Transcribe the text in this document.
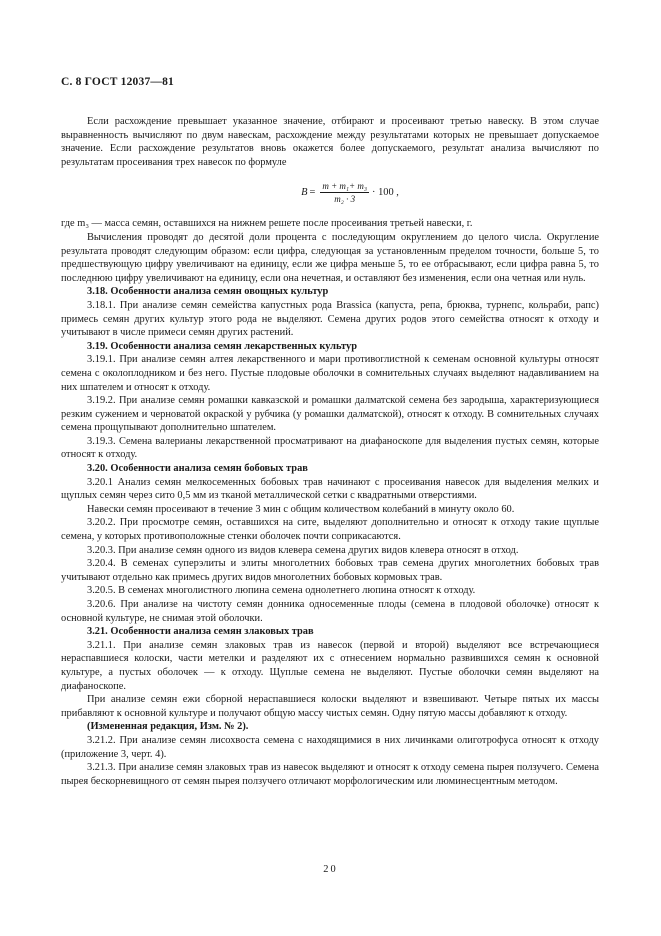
С. 8 ГОСТ 12037—81

Если расхождение превышает указанное значение, отбирают и просеивают третью навеску. В этом случае выравненность вычисляют по двум навескам, расхождение между результатами которых не превышает допускаемое значение. Если расхождение результатов вновь окажется более допускаемого, результат анализа вычисляют по результатам просеивания трех навесок по формуле

$B = \frac{\text{m + m₁+ m₃}}{\text{m₂ · 3}} \cdot 100$ ,

где m₃ — масса семян, оставшихся на нижнем решете после просеивания третьей навески, г.

Вычисления проводят до десятой доли процента с последующим округлением до целого числа. Округление результата проводят следующим образом: если цифра, следующая за установленным пределом точности, больше 5, то предшествующую цифру увеличивают на единицу, если же цифра меньше 5, то ее отбрасывают, если цифра равна 5, то последнюю цифру увеличивают на единицу, если она нечетная, и оставляют без изменения, если она четная или нуль.

3.18. Особенности анализа семян овощных культур

3.18.1. При анализе семян семейства капустных рода Brassica (капуста, репа, брюква, турнепс, кольраби, рапс) примесь семян других культур этого рода не выделяют. Семена других родов этого семейства относят к отходу и учитывают в числе примеси семян других растений.

3.19. Особенности анализа семян лекарственных культур

3.19.1. При анализе семян алтея лекарственного и мари противоглистной к семенам основной культуры относят семена с околоплодником и без него. Пустые плодовые оболочки в сомнительных случаях выделяют надавливанием на них шпателем и относят к отходу.

3.19.2. При анализе семян ромашки кавказской и ромашки далматской семена без зародыша, характеризующиеся резким сужением и черноватой окраской у рубчика (у ромашки далматской), относят к отходу. В сомнительных случаях семена прощупывают дополнительно шпателем.

3.19.3. Семена валерианы лекарственной просматривают на диафаноскопе для выделения пустых семян, которые относят к отходу.

3.20. Особенности анализа семян бобовых трав

3.20.1 Анализ семян мелкосеменных бобовых трав начинают с просеивания навесок для выделения мелких и щуплых семян через сито 0,5 мм из тканой металлической сетки с квадратными отверстиями.

Навески семян просеивают в течение 3 мин с общим количеством колебаний в минуту около 60.

3.20.2. При просмотре семян, оставшихся на сите, выделяют дополнительно и относят к отходу такие щуплые семена, у которых противоположные стенки оболочек почти соприкасаются.

3.20.3. При анализе семян одного из видов клевера семена других видов клевера относят в отход.

3.20.4. В семенах суперэлиты и элиты многолетних бобовых трав семена других многолетних бобовых трав учитывают отдельно как примесь других видов многолетних бобовых кормовых трав.

3.20.5. В семенах многолистного люпина семена однолетнего люпина относят к отходу.

3.20.6. При анализе на чистоту семян донника односеменные плоды (семена в плодовой оболочке) относят к основной культуре, не снимая этой оболочки.

3.21. Особенности анализа семян злаковых трав

3.21.1. При анализе семян злаковых трав из навесок (первой и второй) выделяют все встречающиеся нераспавшиеся колоски, части метелки и разделяют их с отнесением нормально развившихся семян к основной культуре, а пустых оболочек — к отходу. Щуплые семена не выделяют. Пустые оболочки семян выделяют на диафаноскопе.

При анализе семян ежи сборной нераспавшиеся колоски выделяют и взвешивают. Четыре пятых их массы прибавляют к основной культуре и получают общую массу чистых семян. Одну пятую массы добавляют к отходу.

(Измененная редакция, Изм. № 2).

3.21.2. При анализе семян лисохвоста семена с находящимися в них личинками олиготрофуса относят к отходу (приложение 3, черт. 4).

3.21.3. При анализе семян злаковых трав из навесок выделяют и относят к отходу семена пырея ползучего. Семена пырея бескорневищного от семян пырея ползучего отличают морфологическим или люминесцентным методом.

20
